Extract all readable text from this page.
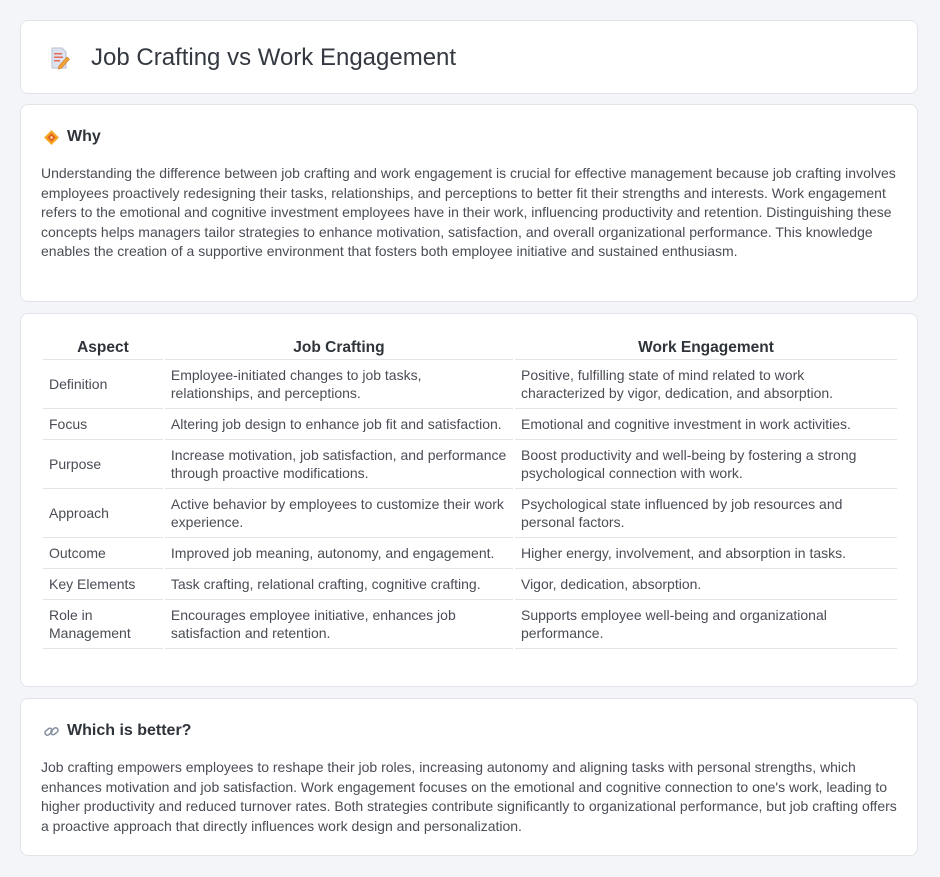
Job Crafting vs Work Engagement
Why

Understanding the difference between job crafting and work engagement is crucial for effective management because job crafting involves employees proactively redesigning their tasks, relationships, and perceptions to better fit their strengths and interests. Work engagement refers to the emotional and cognitive investment employees have in their work, influencing productivity and retention. Distinguishing these concepts helps managers tailor strategies to enhance motivation, satisfaction, and overall organizational performance. This knowledge enables the creation of a supportive environment that fosters both employee initiative and sustained enthusiasm.

Aspect	Job Crafting	Work Engagement
Definition	Employee-initiated changes to job tasks, relationships, and perceptions.	Positive, fulfilling state of mind related to work characterized by vigor, dedication, and absorption.
Focus	Altering job design to enhance job fit and satisfaction.	Emotional and cognitive investment in work activities.
Purpose	Increase motivation, job satisfaction, and performance through proactive modifications.	Boost productivity and well-being by fostering a strong psychological connection with work.
Approach	Active behavior by employees to customize their work experience.	Psychological state influenced by job resources and personal factors.
Outcome	Improved job meaning, autonomy, and engagement.	Higher energy, involvement, and absorption in tasks.
Key Elements	Task crafting, relational crafting, cognitive crafting.	Vigor, dedication, absorption.
Role in Management	Encourages employee initiative, enhances job satisfaction and retention.	Supports employee well-being and organizational performance.
Which is better?

Job crafting empowers employees to reshape their job roles, increasing autonomy and aligning tasks with personal strengths, which enhances motivation and job satisfaction. Work engagement focuses on the emotional and cognitive connection to one's work, leading to higher productivity and reduced turnover rates. Both strategies contribute significantly to organizational performance, but job crafting offers a proactive approach that directly influences work design and personalization.
